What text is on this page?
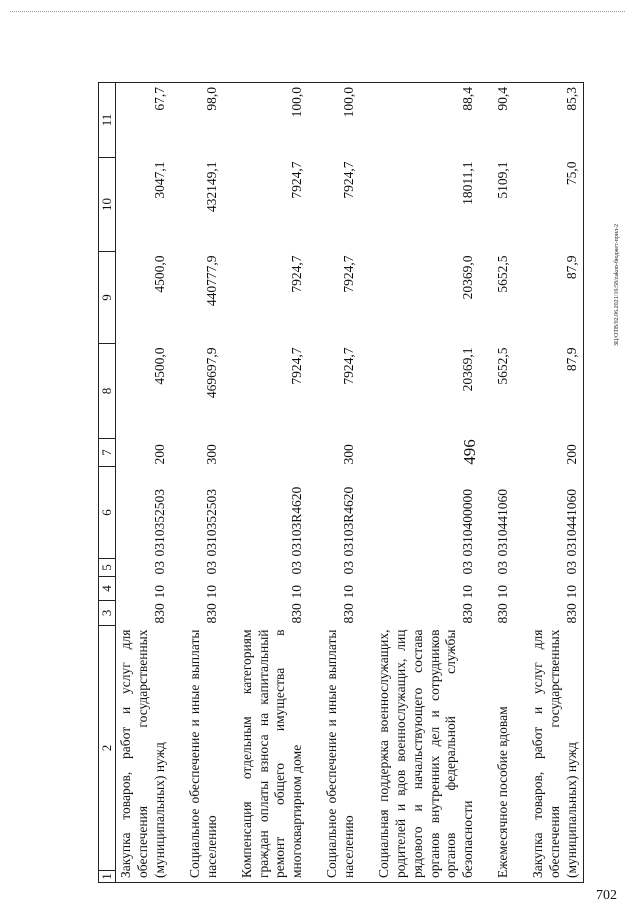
496
ЗЦ/ОТВ/02.06.2021/16:58/zakon-бюджет-прил-2
702
1	2	3	4	5	6	7	8	9	10	11
Закупка товаров, работ и услуг для обеспечения государственных (муниципальных) нужд		830	10	03	0310352503	200	4500,0	4500,0	3047,1	67,7

Социальное обеспечение и иные выплаты населению		830	10	03	0310352503	300	469697,9	440777,9	432149,1	98,0

Компенсация отдельным категориям граждан оплаты взноса на капитальный ремонт общего имущества в многоквартирном доме		830	10	03	03103R4620		7924,7	7924,7	7924,7	100,0

Социальное обеспечение и иные выплаты населению		830	10	03	03103R4620	300	7924,7	7924,7	7924,7	100,0

Социальная поддержка военнослужащих, родителей и вдов военнослужащих, лиц рядового и начальствующего состава органов внутренних дел и сотрудников органов федеральной службы безопасности		830	10	03	0310400000		20369,1	20369,0	18011,1	88,4

Ежемесячное пособие вдовам		830	10	03	0310441060		5652,5	5652,5	5109,1	90,4

Закупка товаров, работ и услуг для обеспечения государственных (муниципальных) нужд		830	10	03	0310441060	200	87,9	87,9	75,0	85,3
